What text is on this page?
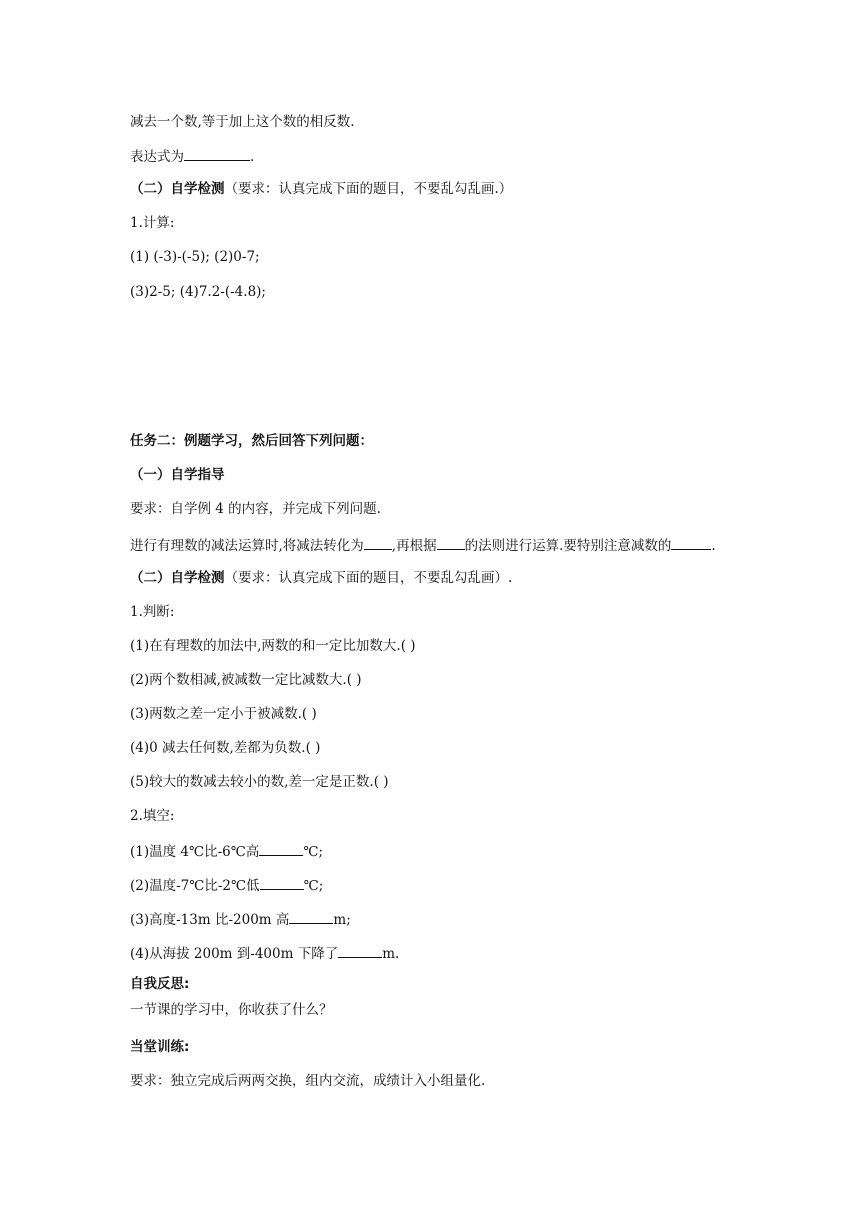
减去一个数,等于加上这个数的相反数.
表达式为	.
（二）自学检测（要求：认真完成下面的题目，不要乱勾乱画.）
1.计算:
(1) (-3)-(-5); (2)0-7;
(3)2-5; (4)7.2-(-4.8);
任务二：例题学习，然后回答下列问题：
（一）自学指导
要求：自学例 4 的内容，并完成下列问题.
进行有理数的减法运算时,将减法转化为 ,再根据 的法则进行运算.要特别注意减数的	.
（二）自学检测（要求：认真完成下面的题目，不要乱勾乱画）.
1.判断:
(1)在有理数的加法中,两数的和一定比加数大.( )
(2)两个数相减,被减数一定比减数大.( )
(3)两数之差一定小于被减数.( )
(4)0 减去任何数,差都为负数.( )
(5)较大的数减去较小的数,差一定是正数.( )
2.填空:
(1)温度 4℃比-6℃高	℃;
(2)温度-7℃比-2℃低	℃;
(3)高度-13m 比-200m 高	m;
(4)从海拔 200m 到-400m 下降了	m.
自我反思:
一节课的学习中，你收获了什么？
当堂训练:
要求：独立完成后两两交换，组内交流，成绩计入小组量化.
